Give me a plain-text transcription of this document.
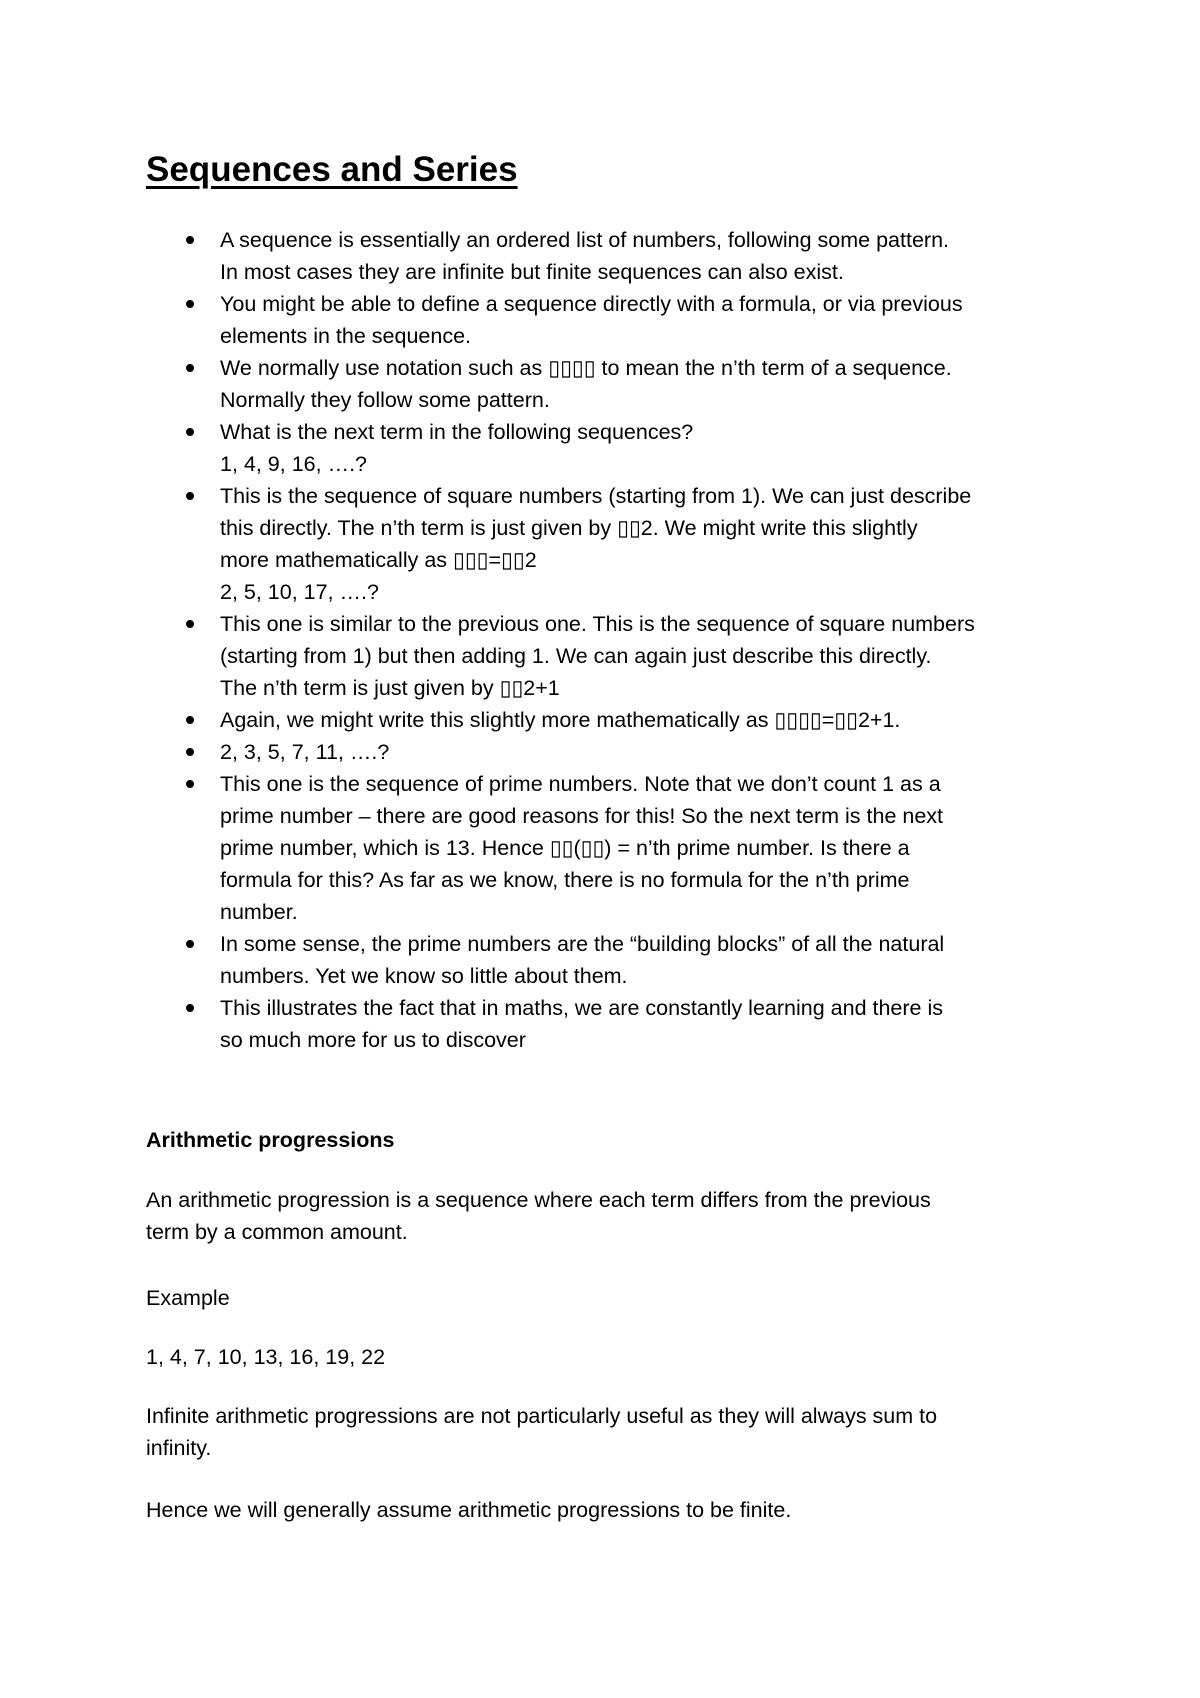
Sequences and Series
A sequence is essentially an ordered list of numbers, following some pattern.
In most cases they are infinite but finite sequences can also exist.
You might be able to define a sequence directly with a formula, or via previous
elements in the sequence.
We normally use notation such as ▯▯▯▯ to mean the n’th term of a sequence.
Normally they follow some pattern.
What is the next term in the following sequences?
1, 4, 9, 16, ….?
This is the sequence of square numbers (starting from 1). We can just describe
this directly. The n’th term is just given by ▯▯2. We might write this slightly
more mathematically as ▯▯▯=▯▯2
2, 5, 10, 17, ….?
This one is similar to the previous one. This is the sequence of square numbers
(starting from 1) but then adding 1. We can again just describe this directly.
The n’th term is just given by ▯▯2+1
Again, we might write this slightly more mathematically as ▯▯▯▯=▯▯2+1.
2, 3, 5, 7, 11, ….?
This one is the sequence of prime numbers. Note that we don’t count 1 as a
prime number – there are good reasons for this! So the next term is the next
prime number, which is 13. Hence ▯▯(▯▯) = n’th prime number. Is there a
formula for this? As far as we know, there is no formula for the n’th prime
number.
In some sense, the prime numbers are the “building blocks” of all the natural
numbers. Yet we know so little about them.
This illustrates the fact that in maths, we are constantly learning and there is
so much more for us to discover
Arithmetic progressions
An arithmetic progression is a sequence where each term differs from the previous
term by a common amount.
Example
1, 4, 7, 10, 13, 16, 19, 22
Infinite arithmetic progressions are not particularly useful as they will always sum to
infinity.
Hence we will generally assume arithmetic progressions to be finite.
